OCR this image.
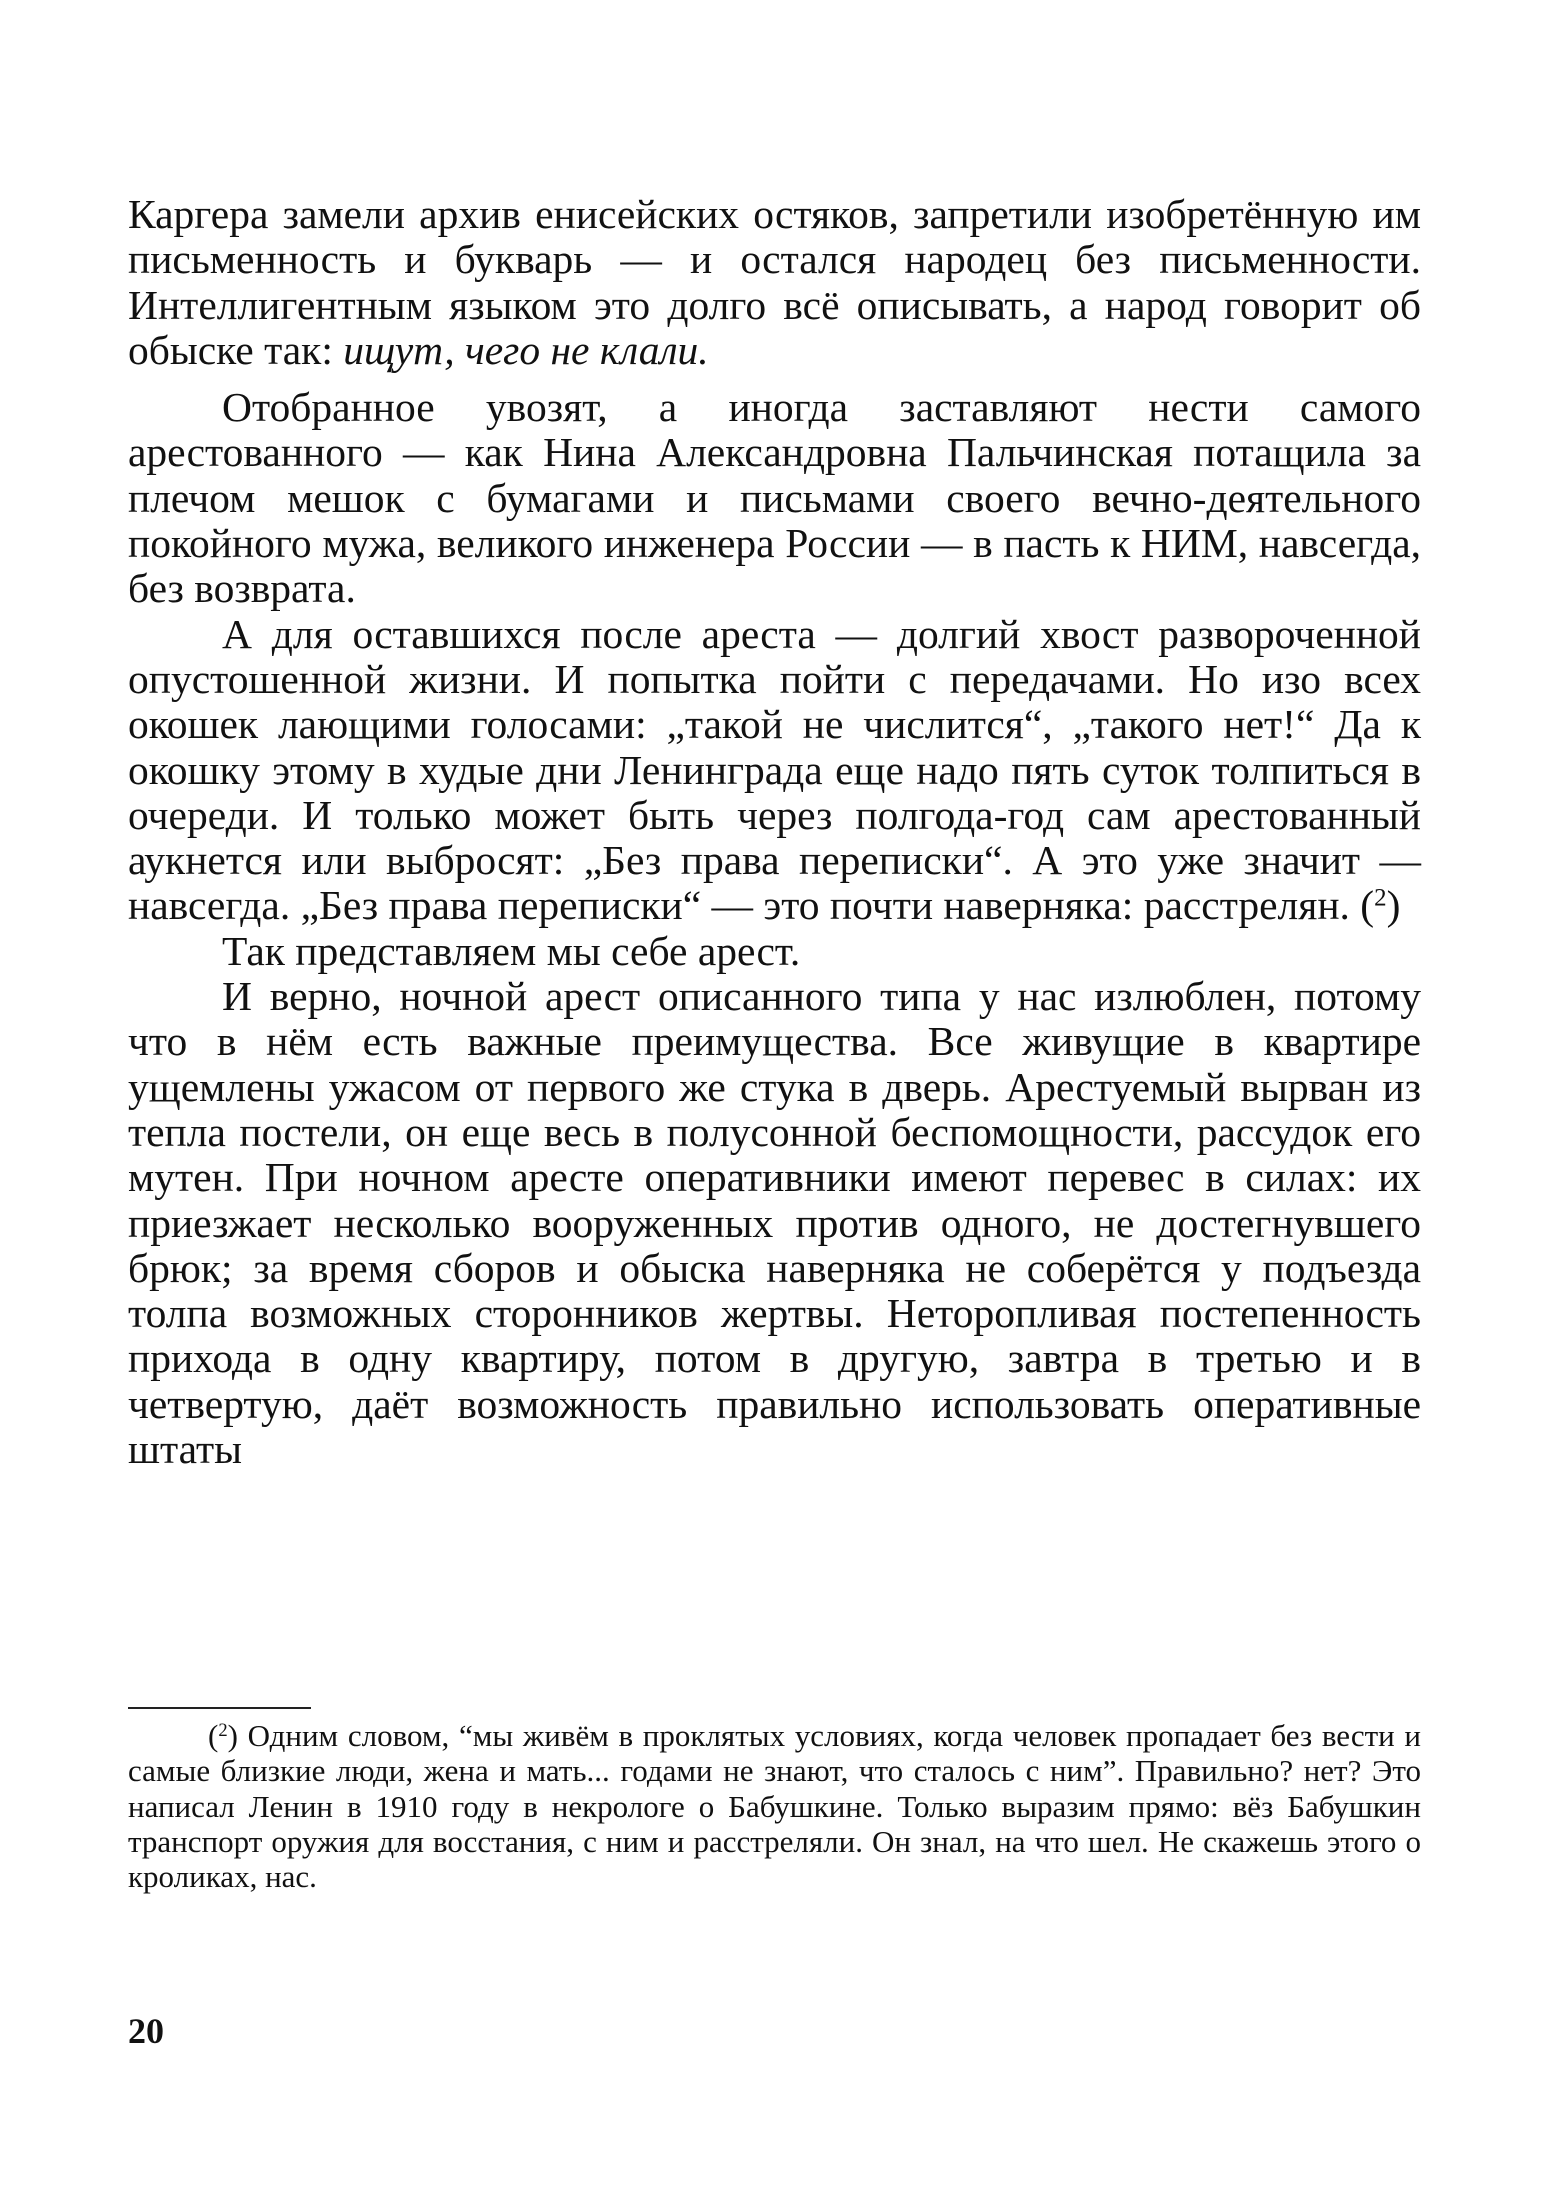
Каргера замели архив енисейских остяков, запретили изобретённую им письменность и букварь — и остался народец без письменности. Интеллигентным языком это долго всё описывать, а народ говорит об обыске так: ищут, чего не клали.

Отобранное увозят, а иногда заставляют нести самого арестованного — как Нина Александровна Пальчинская потащила за плечом мешок с бумагами и письмами своего вечно-деятельного покойного мужа, великого инженера России — в пасть к НИМ, навсегда, без возврата.

А для оставшихся после ареста — долгий хвост развороченной опустошенной жизни. И попытка пойти с передачами. Но изо всех окошек лающими голосами: „такой не числится“, „такого нет!“ Да к окошку этому в худые дни Ленинграда еще надо пять суток толпиться в очереди. И только может быть через полгода-год сам арестованный аукнется или выбросят: „Без права переписки“. А это уже значит — навсегда. „Без права переписки“ — это почти наверняка: расстрелян. ($^2$)

Так представляем мы себе арест.

И верно, ночной арест описанного типа у нас излюблен, потому что в нём есть важные преимущества. Все живущие в квартире ущемлены ужасом от первого же стука в дверь. Арестуемый вырван из тепла постели, он еще весь в полусонной беспомощности, рассудок его мутен. При ночном аресте оперативники имеют перевес в силах: их приезжает несколько вооруженных против одного, не достегнувшего брюк; за время сборов и обыска наверняка не соберётся у подъезда толпа возможных сторонников жертвы. Неторопливая постепенность прихода в одну квартиру, потом в другую, завтра в третью и в четвертую, даёт возможность правильно использовать оперативные штаты

($^2$) Одним словом, “мы живём в проклятых условиях, когда человек пропадает без вести и самые близкие люди, жена и мать... годами не знают, что сталось с ним”. Правильно? нет? Это написал Ленин в 1910 году в некрологе о Бабушкине. Только выразим прямо: вёз Бабушкин транспорт оружия для восстания, с ним и расстреляли. Он знал, на что шел. Не скажешь этого о кроликах, нас.

20
